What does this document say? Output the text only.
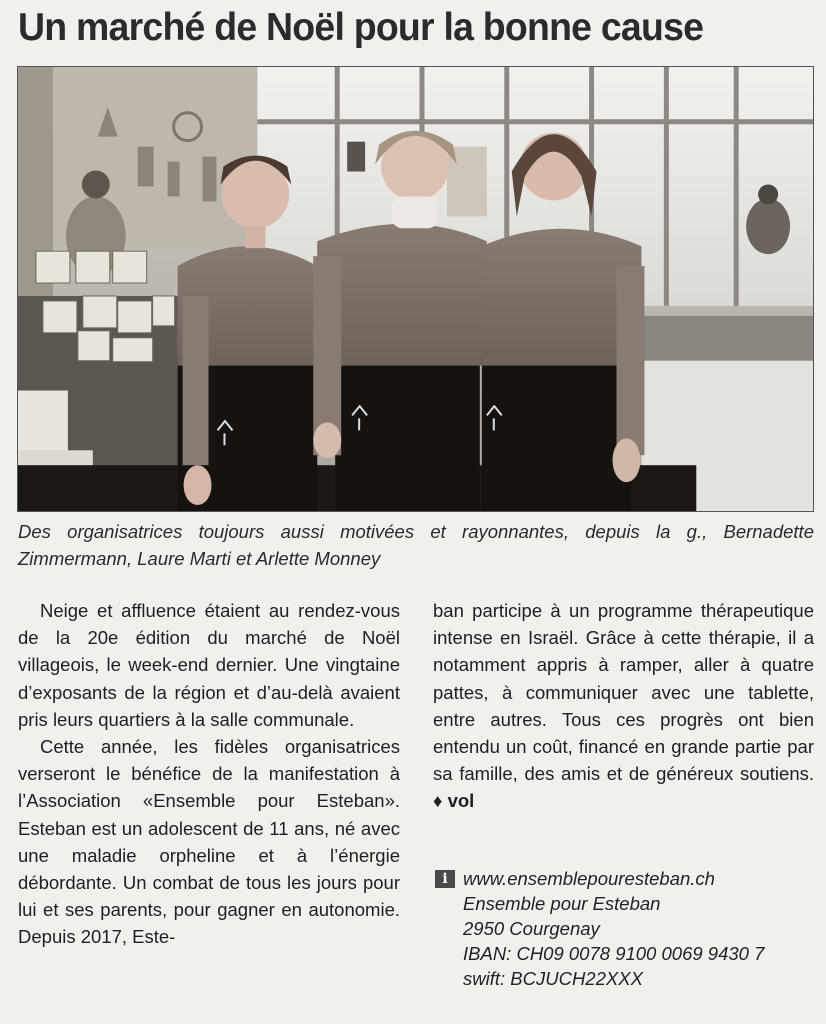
Un marché de Noël pour la bonne cause

Des organisatrices toujours aussi motivées et rayonnantes, depuis la g., Bernadette Zimmermann, Laure Marti et Arlette Monney

Neige et affluence étaient au rendez-vous de la 20e édition du marché de Noël villageois, le week-end dernier. Une vingtaine d’exposants de la région et d’au-delà avaient pris leurs quartiers à la salle communale.

Cette année, les fidèles organisatrices verseront le bénéfice de la manifestation à l’Association «Ensemble pour Esteban». Esteban est un adolescent de 11 ans, né avec une maladie orpheline et à l’énergie débordante. Un combat de tous les jours pour lui et ses parents, pour gagner en autonomie. Depuis 2017, Este-

ban participe à un programme thérapeutique intense en Israël. Grâce à cette thérapie, il a notamment appris à ramper, aller à quatre pattes, à communiquer avec une tablette, entre autres. Tous ces progrès ont bien entendu un coût, financé en grande partie par sa famille, des amis et de généreux soutiens. ♦ vol

i www.ensemblepouresteban.ch
Ensemble pour Esteban
2950 Courgenay
IBAN: CH09 0078 9100 0069 9430 7
swift: BCJUCH22XXX
